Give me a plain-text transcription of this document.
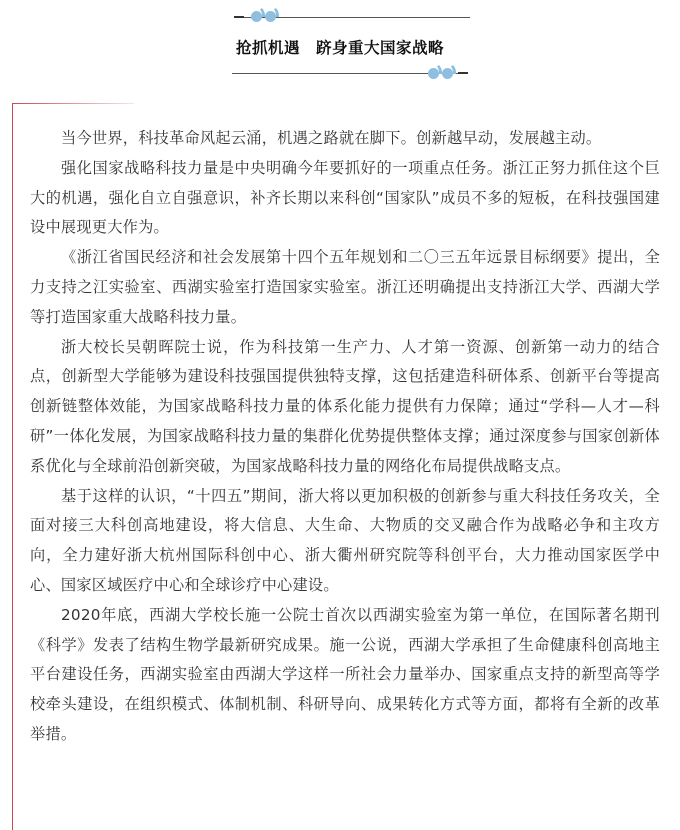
抢抓机遇　跻身重大国家战略

当今世界，科技革命风起云涌，机遇之路就在脚下。创新越早动，发展越主动。

强化国家战略科技力量是中央明确今年要抓好的一项重点任务。浙江正努力抓住这个巨大的机遇，强化自立自强意识，补齐长期以来科创“国家队”成员不多的短板，在科技强国建设中展现更大作为。

《浙江省国民经济和社会发展第十四个五年规划和二〇三五年远景目标纲要》提出，全力支持之江实验室、西湖实验室打造国家实验室。浙江还明确提出支持浙江大学、西湖大学等打造国家重大战略科技力量。

浙大校长吴朝晖院士说，作为科技第一生产力、人才第一资源、创新第一动力的结合点，创新型大学能够为建设科技强国提供独特支撑，这包括建造科研体系、创新平台等提高创新链整体效能，为国家战略科技力量的体系化能力提供有力保障；通过“学科—人才—科研”一体化发展，为国家战略科技力量的集群化优势提供整体支撑；通过深度参与国家创新体系优化与全球前沿创新突破，为国家战略科技力量的网络化布局提供战略支点。

基于这样的认识，“十四五”期间，浙大将以更加积极的创新参与重大科技任务攻关，全面对接三大科创高地建设，将大信息、大生命、大物质的交叉融合作为战略必争和主攻方向，全力建好浙大杭州国际科创中心、浙大衢州研究院等科创平台，大力推动国家医学中心、国家区域医疗中心和全球诊疗中心建设。

2020年底，西湖大学校长施一公院士首次以西湖实验室为第一单位，在国际著名期刊《科学》发表了结构生物学最新研究成果。施一公说，西湖大学承担了生命健康科创高地主平台建设任务，西湖实验室由西湖大学这样一所社会力量举办、国家重点支持的新型高等学校牵头建设，在组织模式、体制机制、科研导向、成果转化方式等方面，都将有全新的改革举措。
